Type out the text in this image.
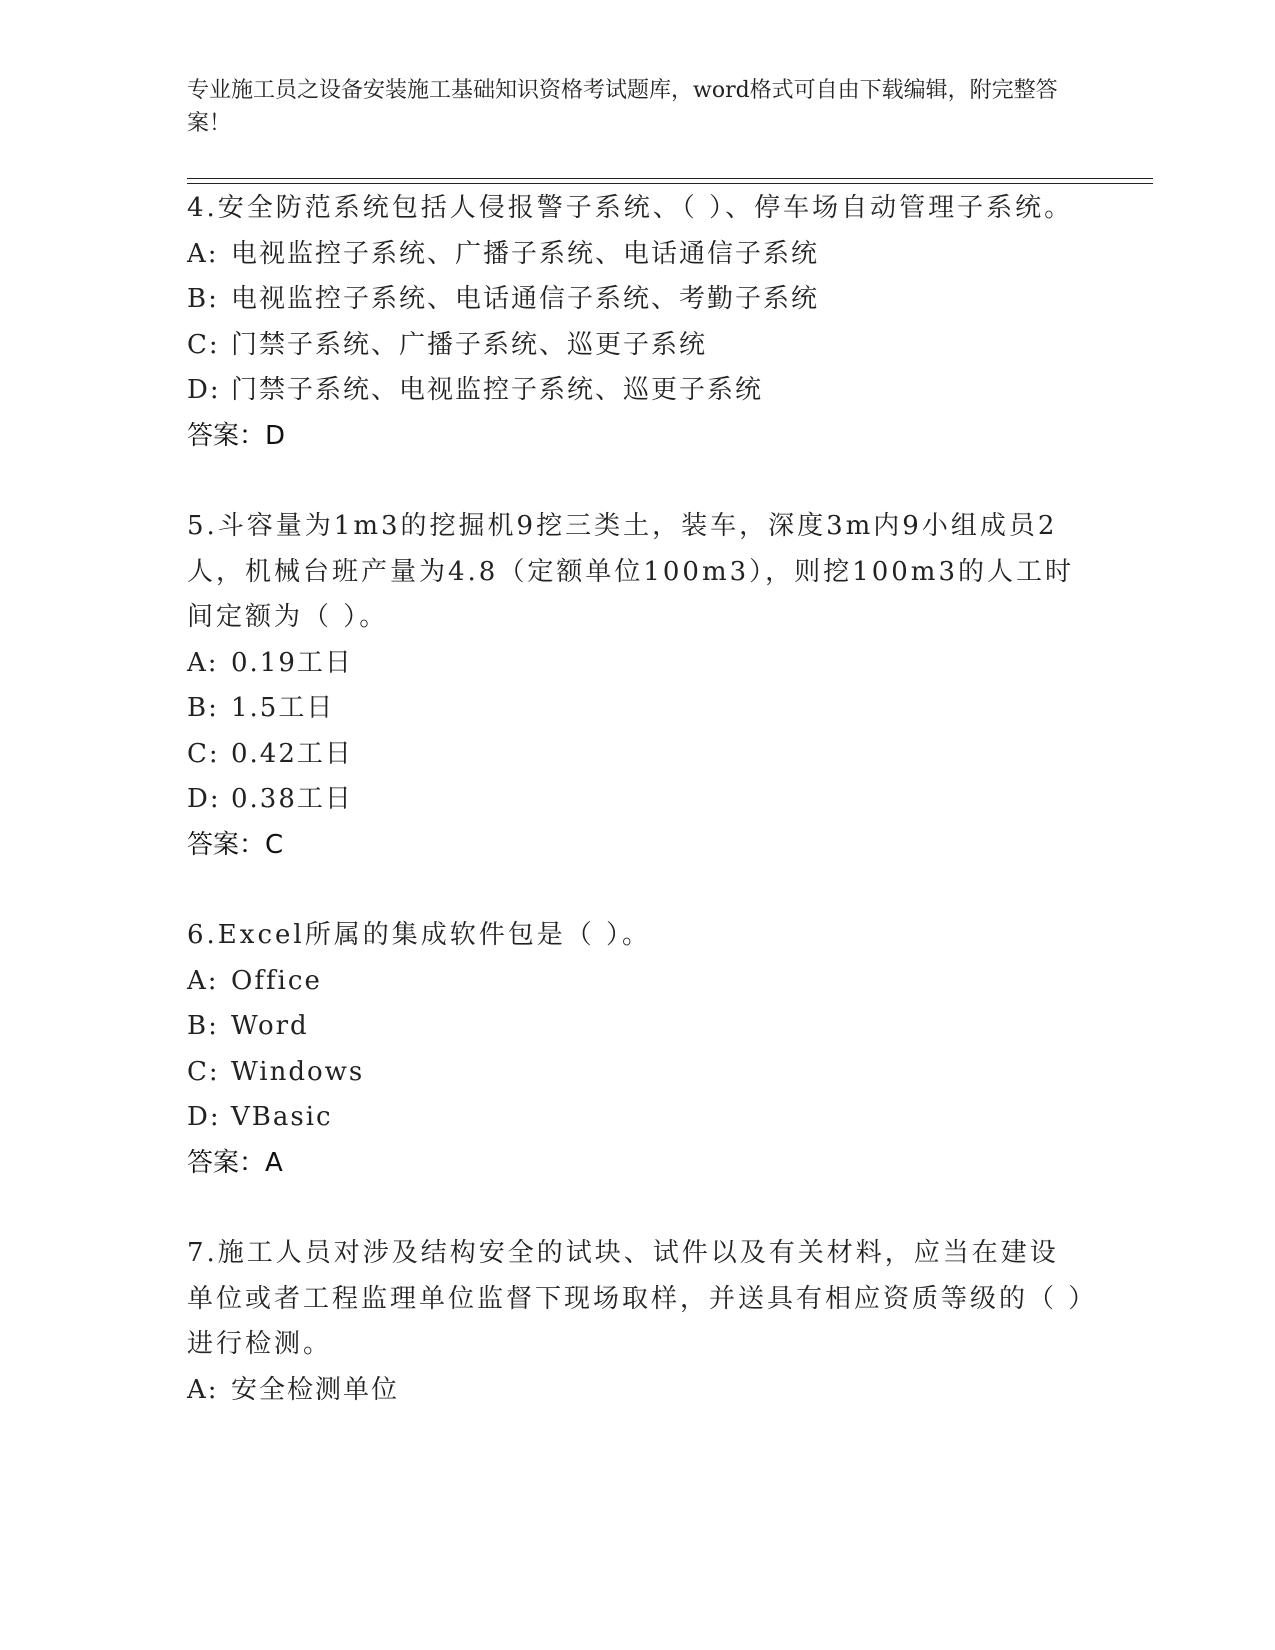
专业施工员之设备安装施工基础知识资格考试题库，word格式可自由下载编辑，附完整答案！
4.安全防范系统包括人侵报警子系统、（ ）、停车场自动管理子系统。
A: 电视监控子系统、广播子系统、电话通信子系统
B: 电视监控子系统、电话通信子系统、考勤子系统
C: 门禁子系统、广播子系统、巡更子系统
D: 门禁子系统、电视监控子系统、巡更子系统
答案：D
5.斗容量为1m3的挖掘机9挖三类土，装车，深度3m内9小组成员2人，机械台班产量为4.8（定额单位100m3），则挖100m3的人工时间定额为（ ）。
A: 0.19工日
B: 1.5工日
C: 0.42工日
D: 0.38工日
答案：C
6.Excel所属的集成软件包是（ ）。
A: Office
B: Word
C: Windows
D: VBasic
答案：A
7.施工人员对涉及结构安全的试块、试件以及有关材料，应当在建设单位或者工程监理单位监督下现场取样，并送具有相应资质等级的（ ）进行检测。
A: 安全检测单位
